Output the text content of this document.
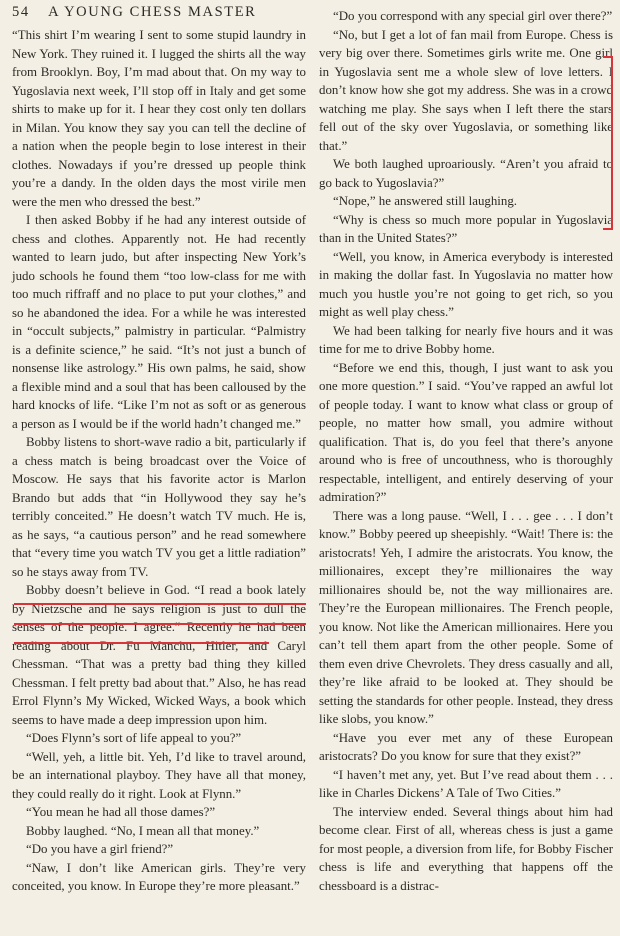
54 A YOUNG CHESS MASTER

“This shirt I’m wearing I sent to some stupid laundry in New York. They ruined it. I lugged the shirts all the way from Brooklyn. Boy, I’m mad about that. On my way to Yugoslavia next week, I’ll stop off in Italy and get some shirts to make up for it. I hear they cost only ten dollars in Milan. You know they say you can tell the decline of a nation when the people begin to lose interest in their clothes. Nowadays if you’re dressed up people think you’re a dandy. In the olden days the most virile men were the men who dressed the best.”

I then asked Bobby if he had any interest outside of chess and clothes. Apparently not. He had recently wanted to learn judo, but after inspecting New York’s judo schools he found them “too low-class for me with too much riffraff and no place to put your clothes,” and so he abandoned the idea. For a while he was interested in “occult subjects,” palmistry in particular. “Palmistry is a definite science,” he said. “It’s not just a bunch of nonsense like astrology.” His own palms, he said, show a flexible mind and a soul that has been calloused by the hard knocks of life. “Like I’m not as soft or as generous a person as I would be if the world hadn’t changed me.”

Bobby listens to short-wave radio a bit, particularly if a chess match is being broadcast over the Voice of Moscow. He says that his favorite actor is Marlon Brando but adds that “in Hollywood they say he’s terribly conceited.” He doesn’t watch TV much. He is, as he says, “a cautious person” and he read somewhere that “every time you watch TV you get a little radiation” so he stays away from TV.

Bobby doesn’t believe in God. “I read a book lately by Nietzsche and he says religion is just to dull the senses of the people. I agree.” Recently he had been reading about Dr. Fu Manchu, Hitler, and Caryl Chessman. “That was a pretty bad thing they killed Chessman. I felt pretty bad about that.” Also, he has read Errol Flynn’s My Wicked, Wicked Ways, a book which seems to have made a deep impression upon him.

“Does Flynn’s sort of life appeal to you?”

“Well, yeh, a little bit. Yeh, I’d like to travel around, be an international playboy. They have all that money, they could really do it right. Look at Flynn.”

“You mean he had all those dames?”

Bobby laughed. “No, I mean all that money.”

“Do you have a girl friend?”

“Naw, I don’t like American girls. They’re very conceited, you know. In Europe they’re more pleasant.”

“Do you correspond with any special girl over there?”

“No, but I get a lot of fan mail from Europe. Chess is very big over there. Sometimes girls write me. One girl in Yugoslavia sent me a whole slew of love letters. I don’t know how she got my address. She was in a crowd watching me play. She says when I left there the stars fell out of the sky over Yugoslavia, or something like that.”

We both laughed uproariously. “Aren’t you afraid to go back to Yugoslavia?”

“Nope,” he answered still laughing.

“Why is chess so much more popular in Yugoslavia than in the United States?”

“Well, you know, in America everybody is interested in making the dollar fast. In Yugoslavia no matter how much you hustle you’re not going to get rich, so you might as well play chess.”

We had been talking for nearly five hours and it was time for me to drive Bobby home.

“Before we end this, though, I just want to ask you one more question.” I said. “You’ve rapped an awful lot of people today. I want to know what class or group of people, no matter how small, you admire without qualification. That is, do you feel that there’s anyone around who is free of uncouthness, who is thoroughly respectable, intelligent, and entirely deserving of your admiration?”

There was a long pause. “Well, I . . . gee . . . I don’t know.” Bobby peered up sheepishly. “Wait! There is: the aristocrats! Yeh, I admire the aristocrats. You know, the millionaires, except they’re millionaires the way millionaires should be, not the way millionaires are. They’re the European millionaires. The French people, you know. Not like the American millionaires. Here you can’t tell them apart from the other people. Some of them even drive Chevrolets. They dress casually and all, they’re like afraid to be looked at. They should be setting the standards for other people. Instead, they dress like slobs, you know.”

“Have you ever met any of these European aristocrats? Do you know for sure that they exist?”

“I haven’t met any, yet. But I’ve read about them . . . like in Charles Dickens’ A Tale of Two Cities.”

The interview ended. Several things about him had become clear. First of all, whereas chess is just a game for most people, a diversion from life, for Bobby Fischer chess is life and everything that happens off the chessboard is a distrac-
